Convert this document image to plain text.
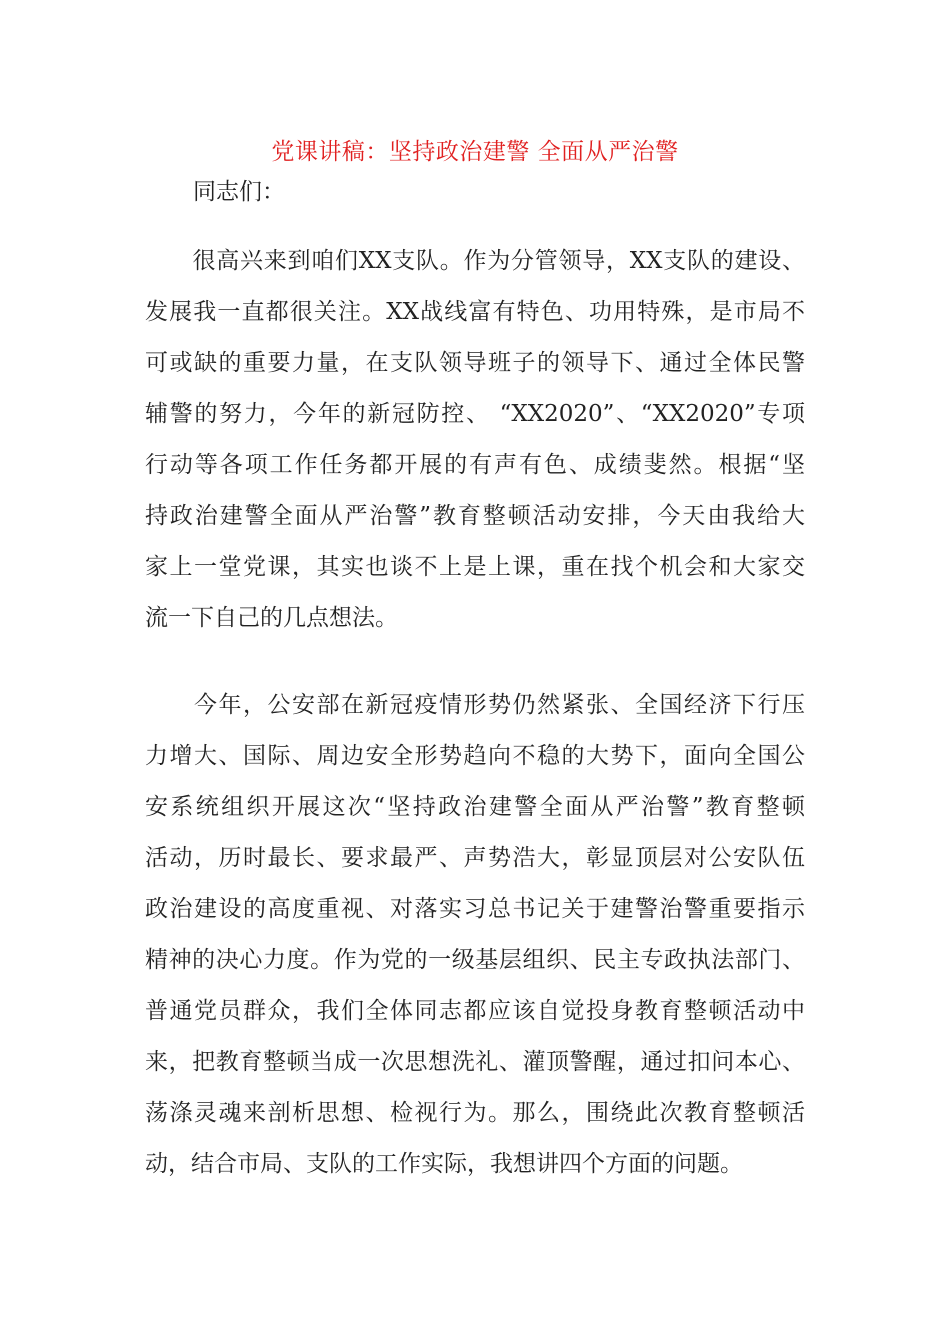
党课讲稿：坚持政治建警 全面从严治警

同志们：

　　很高兴来到咱们XX支队。作为分管领导，XX支队的建设、
发展我一直都很关注。XX战线富有特色、功用特殊，是市局不
可或缺的重要力量，在支队领导班子的领导下、通过全体民警
辅警的努力，今年的新冠防控、 “XX2020”、“XX2020”专项
行动等各项工作任务都开展的有声有色、成绩斐然。根据“坚
持政治建警全面从严治警”教育整顿活动安排，今天由我给大
家上一堂党课，其实也谈不上是上课，重在找个机会和大家交
流一下自己的几点想法。
　　今年，公安部在新冠疫情形势仍然紧张、全国经济下行压
力增大、国际、周边安全形势趋向不稳的大势下，面向全国公
安系统组织开展这次“坚持政治建警全面从严治警”教育整顿
活动，历时最长、要求最严、声势浩大，彰显顶层对公安队伍
政治建设的高度重视、对落实习总书记关于建警治警重要指示
精神的决心力度。作为党的一级基层组织、民主专政执法部门、
普通党员群众，我们全体同志都应该自觉投身教育整顿活动中
来，把教育整顿当成一次思想洗礼、灌顶警醒，通过扣问本心、
荡涤灵魂来剖析思想、检视行为。那么，围绕此次教育整顿活
动，结合市局、支队的工作实际，我想讲四个方面的问题。
